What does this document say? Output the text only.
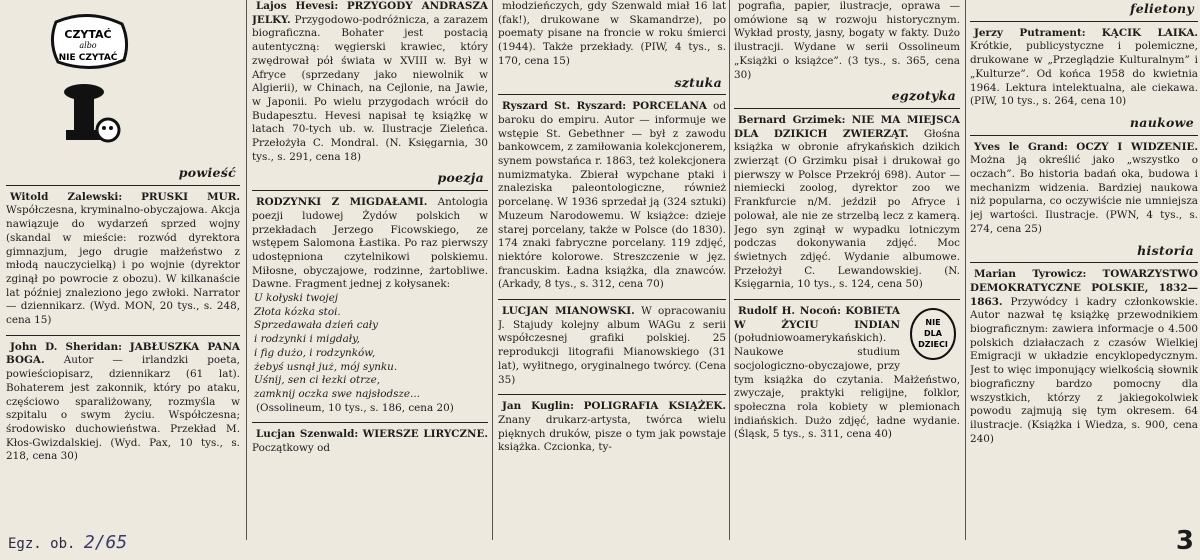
CZYTAĆ
albo
NIE CZYTAĆ
powieść

Witold Zalewski: PRUSKI MUR. Współczesna, kryminalno-obyczajowa. Akcja nawiązuje do wydarzeń sprzed wojny (skandal w mieście: rozwód dyrektora gimnazjum, jego drugie małżeństwo z młodą nauczycielką) i po wojnie (dyrektor zginął po powrocie z obozu). W kilkanaście lat później znaleziono jego zwłoki. Narrator — dziennikarz. (Wyd. MON, 20 tys., s. 248, cena 15)

John D. Sheridan: JABŁUSZKA PANA BOGA. Autor — irlandzki poeta, powieściopisarz, dziennikarz (61 lat). Bohaterem jest zakonnik, który po ataku, częściowo sparaliżowany, rozmyśla w szpitalu o swym życiu. Współczesna; środowisko duchowieństwa. Przekład M. Kłos-Gwizdalskiej. (Wyd. Pax, 10 tys., s. 218, cena 30)

Lajos Hevesi: PRZYGODY ANDRASZA JELKY. Przygodowo-podróżnicza, a zarazem biograficzna. Bohater jest postacią autentyczną: węgierski krawiec, który zwędrował pół świata w XVIII w. Był w Afryce (sprzedany jako niewolnik w Algierii), w Chinach, na Cejlonie, na Jawie, w Japonii. Po wielu przygodach wrócił do Budapesztu. Hevesi napisał tę książkę w latach 70-tych ub. w. Ilustracje Zieleńca. Przełożyła C. Mondral. (N. Księgarnia, 30 tys., s. 291, cena 18)

poezja

RODZYNKI Z MIGDAŁAMI. Antologia poezji ludowej Żydów polskich w przekładach Jerzego Ficowskiego, ze wstępem Salomona Łastika. Po raz pierwszy udostępniona czytelnikowi polskiemu. Miłosne, obyczajowe, rodzinne, żartobliwe. Dawne. Fragment jednej z kołysanek:

U kołyski twojej

Złota kózka stoi.

Sprzedawała dzień cały

i rodzynki i migdały,

i fig dużo, i rodzynków,

żebyś usnął już, mój synku.

Uśnij, sen ci łezki otrze,

zamknij oczka swe najsłodsze...

(Ossolineum, 10 tys., s. 186, cena 20)

Lucjan Szenwald: WIERSZE LIRYCZNE. Początkowy od

młodzieńczych, gdy Szenwald miał 16 lat (fak!), drukowane w Skamandrze), po poematy pisane na froncie w roku śmierci (1944). Także przekłady. (PIW, 4 tys., s. 170, cena 15)

sztuka

Ryszard St. Ryszard: PORCELANA od baroku do empiru. Autor — informuje we wstępie St. Gebethner — był z zawodu bankowcem, z zamiłowania kolekcjonerem, synem powstańca r. 1863, też kolekcjonera numizmatyka. Zbierał wypchane ptaki i znaleziska paleontologiczne, również porcelanę. W 1936 sprzedał ją (324 sztuki) Muzeum Narodowemu. W książce: dzieje starej porcelany, także w Polsce (do 1830). 174 znaki fabryczne porcelany. 119 zdjęć, niektóre kolorowe. Streszczenie w jęz. francuskim. Ładna książka, dla znawców. (Arkady, 8 tys., s. 312, cena 70)

LUCJAN MIANOWSKI. W opracowaniu J. Stajudy kolejny album WAGu z serii współczesnej grafiki polskiej. 25 reprodukcji litografii Mianowskiego (31 lat), wyłitnego, oryginalnego twórcy. (Cena 35)

Jan Kuglin: POLIGRAFIA KSIĄŻEK. Znany drukarz-artysta, twórca wielu pięknych druków, pisze o tym jak powstaje książka. Czcionka, ty-

pografia, papier, ilustracje, oprawa — omówione są w rozwoju historycznym. Wykład prosty, jasny, bogaty w fakty. Dużo ilustracji. Wydane w serii Ossolineum „Książki o książce”. (3 tys., s. 365, cena 30)

egzotyka

Bernard Grzimek: NIE MA MIEJSCA DLA DZIKICH ZWIERZĄT. Głośna książka w obronie afrykańskich dzikich zwierząt (O Grzimku pisał i drukował go pierwszy w Polsce Przekrój 698). Autor — niemiecki zoolog, dyrektor zoo we Frankfurcie n/M. jeździł po Afryce i polował, ale nie ze strzelbą lecz z kamerą. Jego syn zginął w wypadku lotniczym podczas dokonywania zdjęć. Moc świetnych zdjęć. Wydanie albumowe. Przełożył C. Lewandowskiej. (N. Księgarnia, 10 tys., s. 124, cena 50)

NIE
DLA
DZIECI
Rudolf H. Nocoń: KOBIETA W ŻYCIU INDIAN (południowoamerykańskich). Naukowe studium socjologiczno-obyczajowe, przy tym książka do czytania. Małżeństwo, zwyczaje, praktyki religijne, folklor, społeczna rola kobiety w plemionach indiańskich. Dużo zdjęć, ładne wydanie. (Śląsk, 5 tys., s. 311, cena 40)

felietony

Jerzy Putrament: KĄCIK LAIKA. Krótkie, publicystyczne i polemiczne, drukowane w „Przeglądzie Kulturalnym” i „Kulturze”. Od końca 1958 do kwietnia 1964. Lektura intelektualna, ale ciekawa. (PIW, 10 tys., s. 264, cena 10)

naukowe

Yves le Grand: OCZY I WIDZENIE. Można ją określić jako „wszystko o oczach”. Bo historia badań oka, budowa i mechanizm widzenia. Bardziej naukowa niż popularna, co oczywiście nie umniejsza jej wartości. Ilustracje. (PWN, 4 tys., s. 274, cena 25)

historia

Marian Tyrowicz: TOWARZYSTWO DEMOKRATYCZNE POLSKIE, 1832—1863. Przywódcy i kadry członkowskie. Autor nazwał tę książkę przewodnikiem biograficznym: zawiera informacje o 4.500 polskich działaczach z czasów Wielkiej Emigracji w układzie encyklopedycznym. Jest to więc imponujący wielkością słownik biograficzny bardzo pomocny dla wszystkich, którzy z jakiegokolwiek powodu zajmują się tym okresem. 64 ilustracje. (Książka i Wiedza, s. 900, cena 240)

Egz. ob. 2/65	3
